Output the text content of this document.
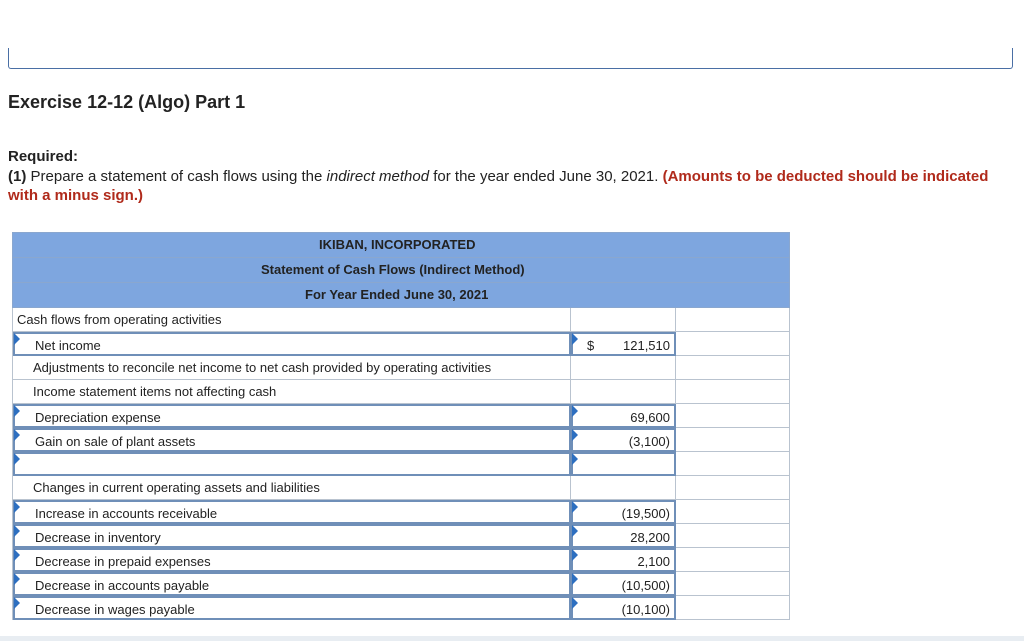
Exercise 12-12 (Algo) Part 1
Required:
(1) Prepare a statement of cash flows using the indirect method for the year ended June 30, 2021. (Amounts to be deducted should be indicated with a minus sign.)
IKIBAN, INCORPORATED
Statement of Cash Flows (Indirect Method)
For Year Ended June 30, 2021
Cash flows from operating activities
Net income	$ 121,510
Adjustments to reconcile net income to net cash provided by operating activities
Income statement items not affecting cash
Depreciation expense	69,600
Gain on sale of plant assets	(3,100)
Changes in current operating assets and liabilities
Increase in accounts receivable	(19,500)
Decrease in inventory	28,200
Decrease in prepaid expenses	2,100
Decrease in accounts payable	(10,500)
Decrease in wages payable	(10,100)
